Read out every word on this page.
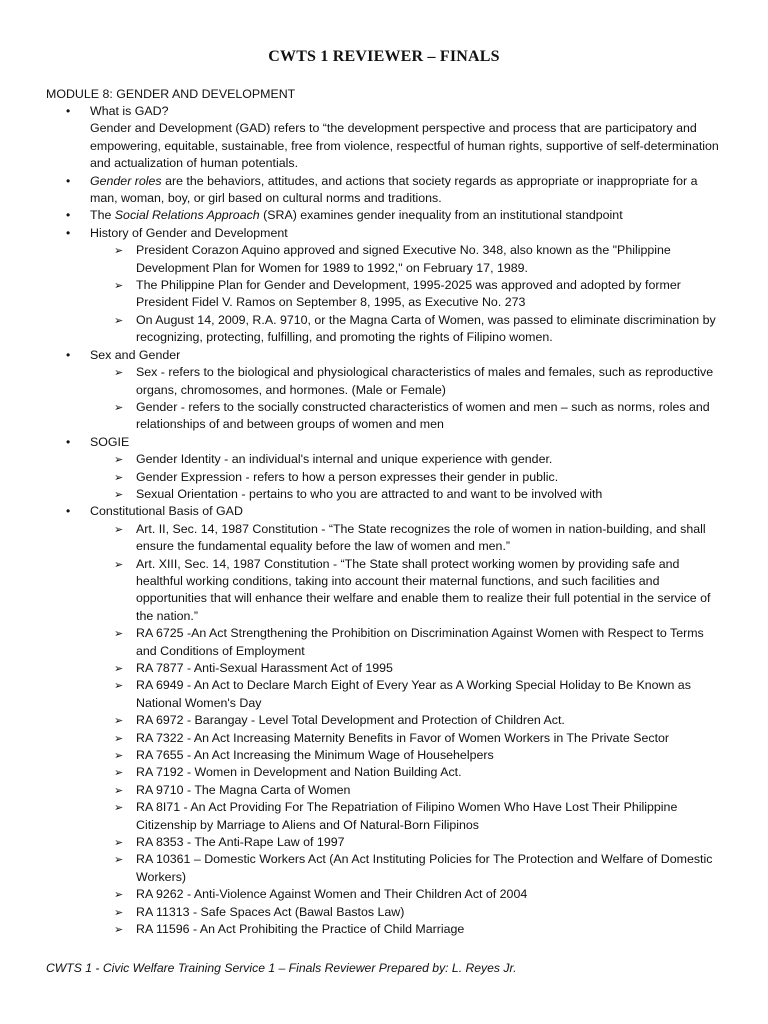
CWTS 1 REVIEWER – FINALS
MODULE 8: GENDER AND DEVELOPMENT
• What is GAD?
Gender and Development (GAD) refers to “the development perspective and process that are participatory and empowering, equitable, sustainable, free from violence, respectful of human rights, supportive of self-determination and actualization of human potentials.
• Gender roles are the behaviors, attitudes, and actions that society regards as appropriate or inappropriate for a man, woman, boy, or girl based on cultural norms and traditions.
• The Social Relations Approach (SRA) examines gender inequality from an institutional standpoint
• History of Gender and Development
➢ President Corazon Aquino approved and signed Executive No. 348, also known as the "Philippine Development Plan for Women for 1989 to 1992," on February 17, 1989.
➢ The Philippine Plan for Gender and Development, 1995-2025 was approved and adopted by former President Fidel V. Ramos on September 8, 1995, as Executive No. 273
➢ On August 14, 2009, R.A. 9710, or the Magna Carta of Women, was passed to eliminate discrimination by recognizing, protecting, fulfilling, and promoting the rights of Filipino women.
• Sex and Gender
➢ Sex - refers to the biological and physiological characteristics of males and females, such as reproductive organs, chromosomes, and hormones. (Male or Female)
➢ Gender - refers to the socially constructed characteristics of women and men – such as norms, roles and relationships of and between groups of women and men
• SOGIE
➢ Gender Identity - an individual's internal and unique experience with gender.
➢ Gender Expression - refers to how a person expresses their gender in public.
➢ Sexual Orientation - pertains to who you are attracted to and want to be involved with
• Constitutional Basis of GAD
➢ Art. II, Sec. 14, 1987 Constitution - “The State recognizes the role of women in nation-building, and shall ensure the fundamental equality before the law of women and men.”
➢ Art. XIII, Sec. 14, 1987 Constitution - “The State shall protect working women by providing safe and healthful working conditions, taking into account their maternal functions, and such facilities and opportunities that will enhance their welfare and enable them to realize their full potential in the service of the nation.”
➢ RA 6725 -An Act Strengthening the Prohibition on Discrimination Against Women with Respect to Terms and Conditions of Employment
➢ RA 7877 - Anti-Sexual Harassment Act of 1995
➢ RA 6949 - An Act to Declare March Eight of Every Year as A Working Special Holiday to Be Known as National Women's Day
➢ RA 6972 - Barangay - Level Total Development and Protection of Children Act.
➢ RA 7322 - An Act Increasing Maternity Benefits in Favor of Women Workers in The Private Sector
➢ RA 7655 - An Act Increasing the Minimum Wage of Househelpers
➢ RA 7192 - Women in Development and Nation Building Act.
➢ RA 9710 - The Magna Carta of Women
➢ RA 8I71 - An Act Providing For The Repatriation of Filipino Women Who Have Lost Their Philippine Citizenship by Marriage to Aliens and Of Natural-Born Filipinos
➢ RA 8353 - The Anti-Rape Law of 1997
➢ RA 10361 – Domestic Workers Act (An Act Instituting Policies for The Protection and Welfare of Domestic Workers)
➢ RA 9262 - Anti-Violence Against Women and Their Children Act of 2004
➢ RA 11313 - Safe Spaces Act (Bawal Bastos Law)
➢ RA 11596 - An Act Prohibiting the Practice of Child Marriage
CWTS 1 - Civic Welfare Training Service 1 – Finals Reviewer Prepared by: L. Reyes Jr.
